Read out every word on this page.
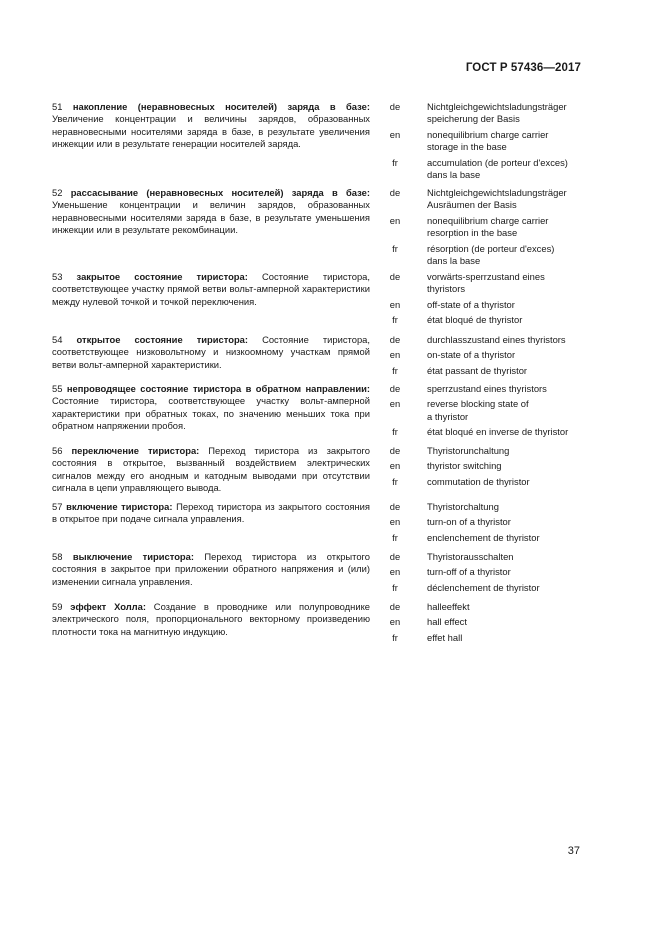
ГОСТ Р 57436—2017
51 накопление (неравновесных носителей) заряда в базе: Увеличение концентрации и величины зарядов, образованных неравновесными носителями заряда в базе, в результате увеличения инжекции или в результате генерации носителей заряда.
de	Nichtgleichgewichtsladungsträger
speicherung der Basis
en	nonequilibrium charge carrier
storage in the base
fr	accumulation (de porteur d'exces)
dans la base
52 рассасывание (неравновесных носителей) заряда в базе: Уменьшение концентрации и величин зарядов, образованных неравновесными носителями заряда в базе, в результате уменьшения инжекции или в результате рекомбинации.
de	Nichtgleichgewichtsladungsträger
Ausräumen der Basis
en	nonequilibrium charge carrier
resorption in the base
fr	résorption (de porteur d'exces)
dans la base
53 закрытое состояние тиристора: Состояние тиристора, соответствующее участку прямой ветви вольт-амперной характеристики между нулевой точкой и точкой переключения.
de	vorwärts-sperrzustand eines
thyristors
en	off-state of a thyristor
fr	état bloqué de thyristor
54 открытое состояние тиристора: Состояние тиристора, соответствующее низковольтному и низкоомному участкам прямой ветви вольт-амперной характеристики.
de	durchlasszustand eines thyristors
en	on-state of a thyristor
fr	état passant de thyristor
55 непроводящее состояние тиристора в обратном направлении: Состояние тиристора, соответствующее участку вольт-амперной характеристики при обратных токах, по значению меньших тока при обратном напряжении пробоя.
de	sperrzustand eines thyristors
en	reverse blocking state of
a thyristor
fr	état bloqué en inverse de thyristor
56 переключение тиристора: Переход тиристора из закрытого состояния в открытое, вызванный воздействием электрических сигналов между его анодным и катодным выводами при отсутствии сигнала в цепи управляющего вывода.
de	Thyristorunchaltung
en	thyristor switching
fr	commutation de thyristor
57 включение тиристора: Переход тиристора из закрытого состояния в открытое при подаче сигнала управления.
de	Thyristorchaltung
en	turn-on of a thyristor
fr	enclenchement de thyristor
58 выключение тиристора: Переход тиристора из открытого состояния в закрытое при приложении обратного напряжения и (или) изменении сигнала управления.
de	Thyristorausschalten
en	turn-off of a thyristor
fr	déclenchement de thyristor
59 эффект Холла: Создание в проводнике или полупроводнике электрического поля, пропорционального векторному произведению плотности тока на магнитную индукцию.
de	halleeffekt
en	hall effect
fr	effet hall
37
